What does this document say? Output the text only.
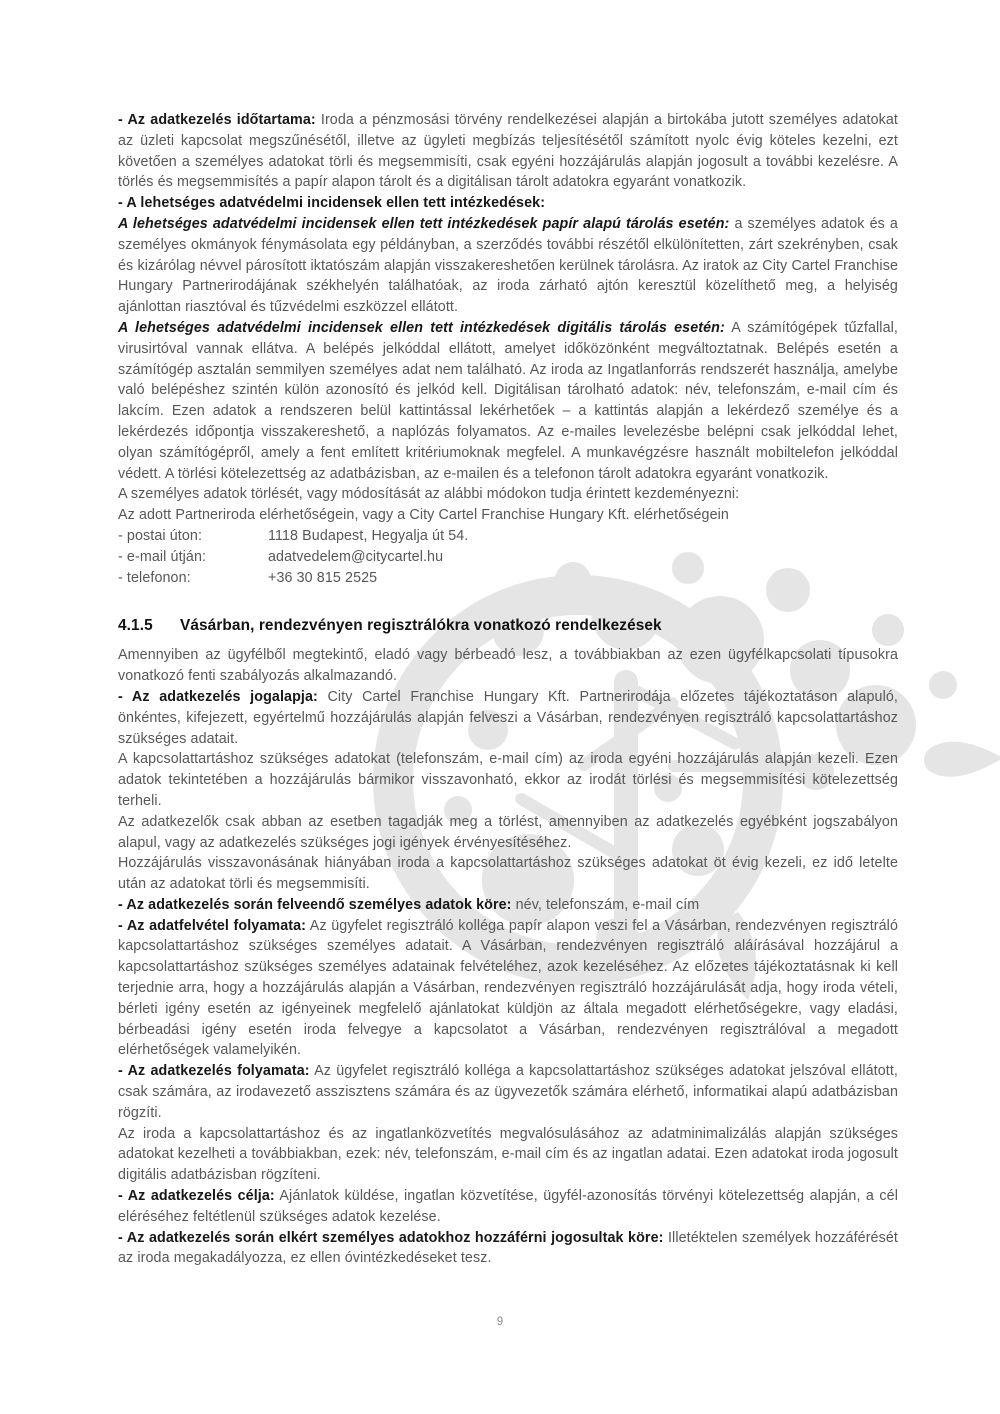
- Az adatkezelés időtartama: Iroda a pénzmosási törvény rendelkezései alapján a birtokába jutott személyes adatokat az üzleti kapcsolat megszűnésétől, illetve az ügyleti megbízás teljesítésétől számított nyolc évig köteles kezelni, ezt követően a személyes adatokat törli és megsemmisíti, csak egyéni hozzájárulás alapján jogosult a további kezelésre. A törlés és megsemmisítés a papír alapon tárolt és a digitálisan tárolt adatokra egyaránt vonatkozik.

- A lehetséges adatvédelmi incidensek ellen tett intézkedések:

A lehetséges adatvédelmi incidensek ellen tett intézkedések papír alapú tárolás esetén: a személyes adatok és a személyes okmányok fénymásolata egy példányban, a szerződés további részétől elkülönítetten, zárt szekrényben, csak és kizárólag névvel párosított iktatószám alapján visszakereshetően kerülnek tárolásra. Az iratok az City Cartel Franchise Hungary Partnerirodájának székhelyén találhatóak, az iroda zárható ajtón keresztül közelíthető meg, a helyiség ajánlottan riasztóval és tűzvédelmi eszközzel ellátott.

A lehetséges adatvédelmi incidensek ellen tett intézkedések digitális tárolás esetén: A számítógépek tűzfallal, virusirtóval vannak ellátva. A belépés jelkóddal ellátott, amelyet időközönként megváltoztatnak. Belépés esetén a számítógép asztalán semmilyen személyes adat nem található. Az iroda az Ingatlanforrás rendszerét használja, amelybe való belépéshez szintén külön azonosító és jelkód kell. Digitálisan tárolható adatok: név, telefonszám, e-mail cím és lakcím. Ezen adatok a rendszeren belül kattintással lekérhetőek – a kattintás alapján a lekérdező személye és a lekérdezés időpontja visszakereshető, a naplózás folyamatos. Az e-mailes levelezésbe belépni csak jelkóddal lehet, olyan számítógépről, amely a fent említett kritériumoknak megfelel. A munkavégzésre használt mobiltelefon jelkóddal védett. A törlési kötelezettség az adatbázisban, az e-mailen és a telefonon tárolt adatokra egyaránt vonatkozik.

A személyes adatok törlését, vagy módosítását az alábbi módokon tudja érintett kezdeményezni:

Az adott Partneriroda elérhetőségein, vagy a City Cartel Franchise Hungary Kft. elérhetőségein

- postai úton:	1118 Budapest, Hegyalja út 54.
- e-mail útján:	adatvedelem@citycartel.hu
- telefonon:	+36 30 815 2525
4.1.5	Vásárban, rendezvényen regisztrálókra vonatkozó rendelkezések

Amennyiben az ügyfélből megtekintő, eladó vagy bérbeadó lesz, a továbbiakban az ezen ügyfélkapcsolati típusokra vonatkozó fenti szabályozás alkalmazandó.

- Az adatkezelés jogalapja: City Cartel Franchise Hungary Kft. Partnerirodája előzetes tájékoztatáson alapuló, önkéntes, kifejezett, egyértelmű hozzájárulás alapján felveszi a Vásárban, rendezvényen regisztráló kapcsolattartáshoz szükséges adatait.

A kapcsolattartáshoz szükséges adatokat (telefonszám, e-mail cím) az iroda egyéni hozzájárulás alapján kezeli. Ezen adatok tekintetében a hozzájárulás bármikor visszavonható, ekkor az irodát törlési és megsemmisítési kötelezettség terheli.

Az adatkezelők csak abban az esetben tagadják meg a törlést, amennyiben az adatkezelés egyébként jogszabályon alapul, vagy az adatkezelés szükséges jogi igények érvényesítéséhez.

Hozzájárulás visszavonásának hiányában iroda a kapcsolattartáshoz szükséges adatokat öt évig kezeli, ez idő letelte után az adatokat törli és megsemmisíti.

- Az adatkezelés során felveendő személyes adatok köre: név, telefonszám, e-mail cím

- Az adatfelvétel folyamata: Az ügyfelet regisztráló kolléga papír alapon veszi fel a Vásárban, rendezvényen regisztráló kapcsolattartáshoz szükséges személyes adatait. A Vásárban, rendezvényen regisztráló aláírásával hozzájárul a kapcsolattartáshoz szükséges személyes adatainak felvételéhez, azok kezeléséhez. Az előzetes tájékoztatásnak ki kell terjednie arra, hogy a hozzájárulás alapján a Vásárban, rendezvényen regisztráló hozzájárulását adja, hogy iroda vételi, bérleti igény esetén az igényeinek megfelelő ajánlatokat küldjön az általa megadott elérhetőségekre, vagy eladási, bérbeadási igény esetén iroda felvegye a kapcsolatot a Vásárban, rendezvényen regisztrálóval a megadott elérhetőségek valamelyikén.

- Az adatkezelés folyamata: Az ügyfelet regisztráló kolléga a kapcsolattartáshoz szükséges adatokat jelszóval ellátott, csak számára, az irodavezető asszisztens számára és az ügyvezetők számára elérhető, informatikai alapú adatbázisban rögzíti.

Az iroda a kapcsolattartáshoz és az ingatlanközvetítés megvalósulásához az adatminimalizálás alapján szükséges adatokat kezelheti a továbbiakban, ezek: név, telefonszám, e-mail cím és az ingatlan adatai. Ezen adatokat iroda jogosult digitális adatbázisban rögzíteni.

- Az adatkezelés célja: Ajánlatok küldése, ingatlan közvetítése, ügyfél-azonosítás törvényi kötelezettség alapján, a cél eléréséhez feltétlenül szükséges adatok kezelése.

- Az adatkezelés során elkért személyes adatokhoz hozzáférni jogosultak köre: Illetéktelen személyek hozzáférését az iroda megakadályozza, ez ellen óvintézkedéseket tesz.

9
